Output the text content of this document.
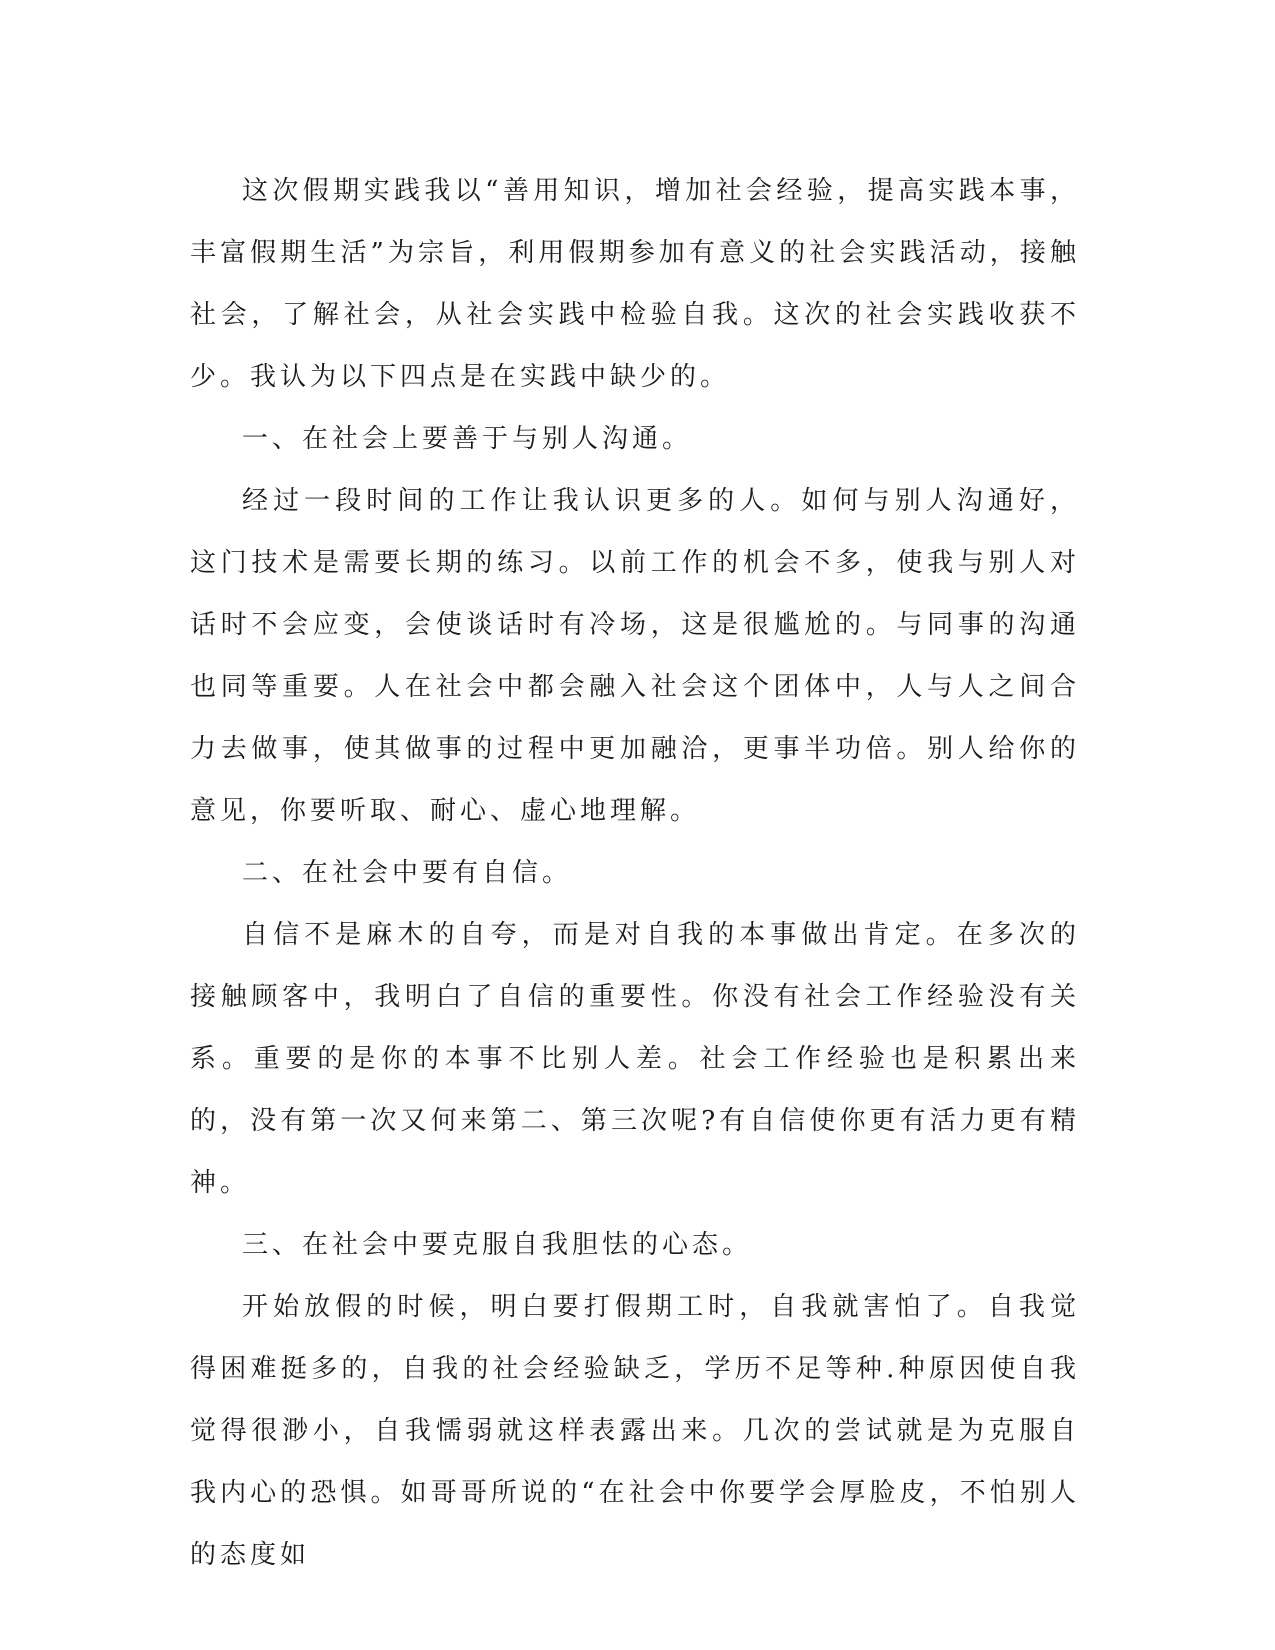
这次假期实践我以“善用知识，增加社会经验，提高实践本事，丰富假期生活”为宗旨，利用假期参加有意义的社会实践活动，接触社会，了解社会，从社会实践中检验自我。这次的社会实践收获不少。我认为以下四点是在实践中缺少的。

一、在社会上要善于与别人沟通。

经过一段时间的工作让我认识更多的人。如何与别人沟通好，这门技术是需要长期的练习。以前工作的机会不多，使我与别人对话时不会应变，会使谈话时有冷场，这是很尴尬的。与同事的沟通也同等重要。人在社会中都会融入社会这个团体中，人与人之间合力去做事，使其做事的过程中更加融洽，更事半功倍。别人给你的意见，你要听取、耐心、虚心地理解。

二、在社会中要有自信。

自信不是麻木的自夸，而是对自我的本事做出肯定。在多次的接触顾客中，我明白了自信的重要性。你没有社会工作经验没有关系。重要的是你的本事不比别人差。社会工作经验也是积累出来的，没有第一次又何来第二、第三次呢?有自信使你更有活力更有精神。

三、在社会中要克服自我胆怯的心态。

开始放假的时候，明白要打假期工时，自我就害怕了。自我觉得困难挺多的，自我的社会经验缺乏，学历不足等种.种原因使自我觉得很渺小，自我懦弱就这样表露出来。几次的尝试就是为克服自我内心的恐惧。如哥哥所说的“在社会中你要学会厚脸皮，不怕别人的态度如
